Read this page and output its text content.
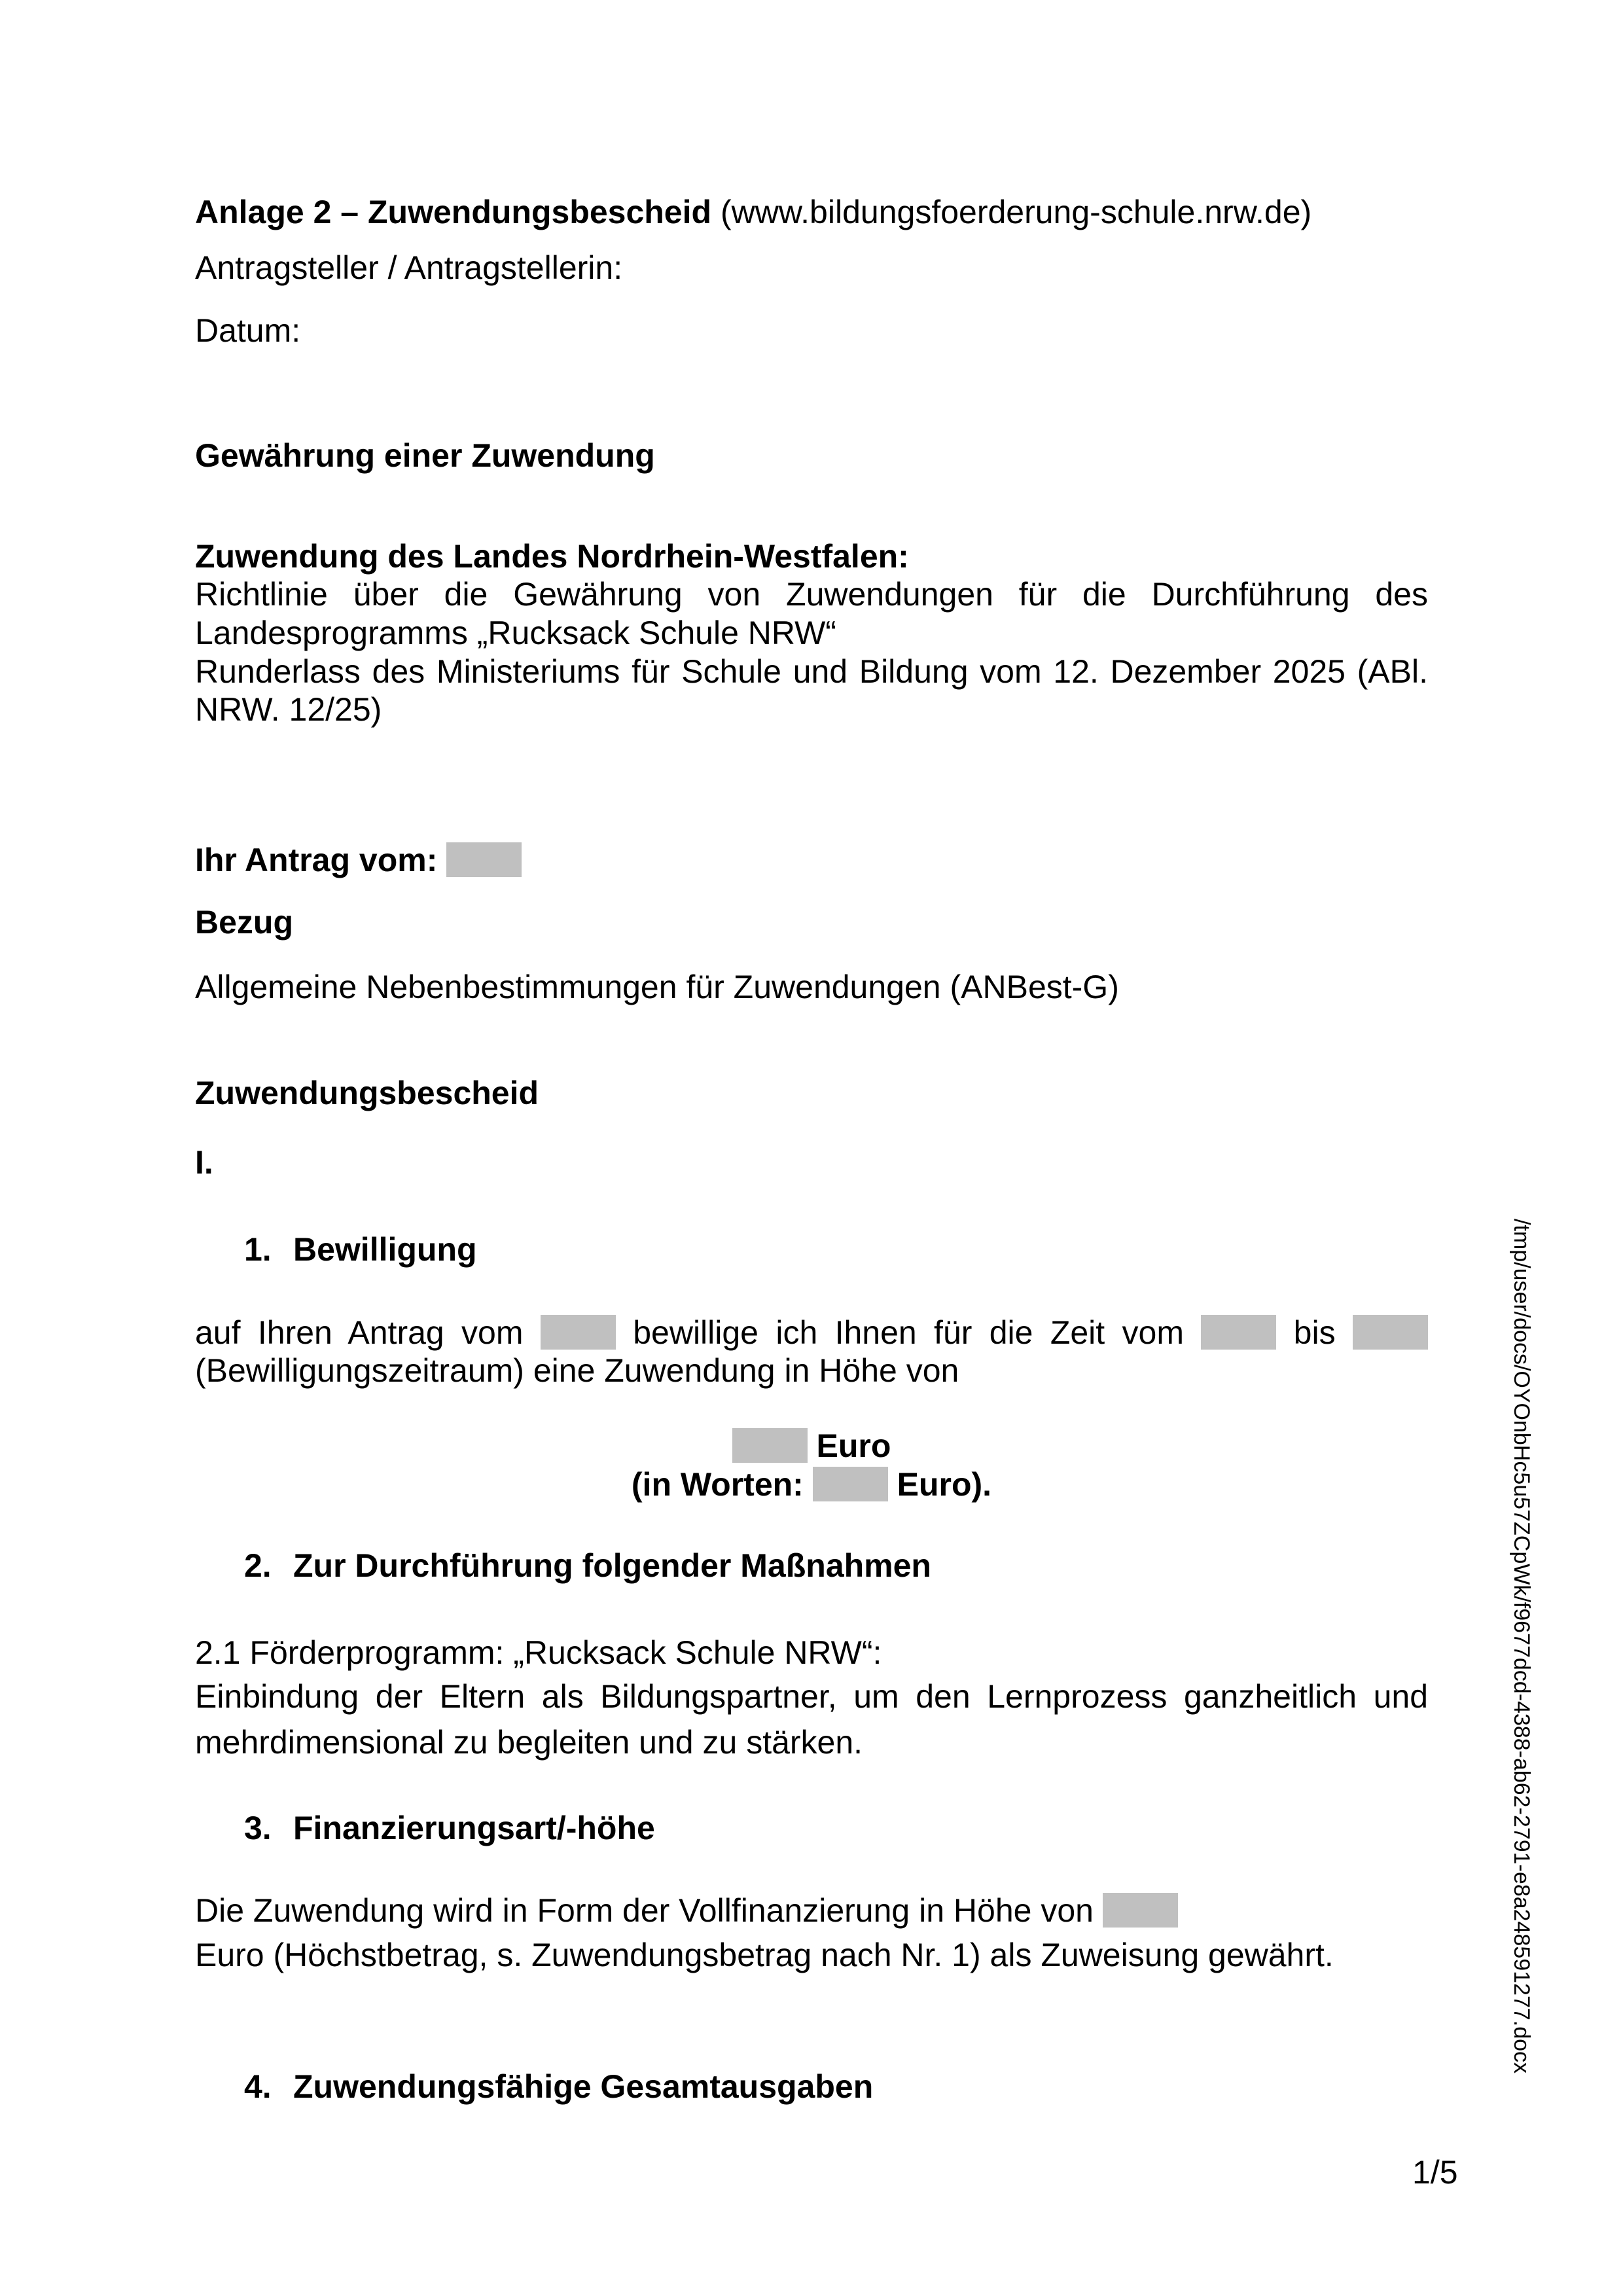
Anlage 2 – Zuwendungsbescheid (www.bildungsfoerderung-schule.nrw.de)
Antragsteller / Antragstellerin:
Datum:
Gewährung einer Zuwendung
Zuwendung des Landes Nordrhein-Westfalen:
Richtlinie über die Gewährung von Zuwendungen für die Durchführung des
Landesprogramms „Rucksack Schule NRW“
Runderlass des Ministeriums für Schule und Bildung vom 12. Dezember 2025 (ABl.
NRW. 12/25)
Ihr Antrag vom:
Bezug
Allgemeine Nebenbestimmungen für Zuwendungen (ANBest-G)
Zuwendungsbescheid
I.
1. Bewilligung
auf Ihren Antrag vom	bewillige ich Ihnen für die Zeit vom	bis
(Bewilligungszeitraum) eine Zuwendung in Höhe von
Euro
(in Worten:	Euro).
2. Zur Durchführung folgender Maßnahmen
2.1 Förderprogramm: „Rucksack Schule NRW“:
Einbindung der Eltern als Bildungspartner, um den Lernprozess ganzheitlich und
mehrdimensional zu begleiten und zu stärken.
3. Finanzierungsart/-höhe
Die Zuwendung wird in Form der Vollfinanzierung in Höhe von
Euro (Höchstbetrag, s. Zuwendungsbetrag nach Nr. 1) als Zuweisung gewährt.
4. Zuwendungsfähige Gesamtausgaben
1/5
/tmp/user/docs/OYOnbHc5u57ZCpWk/f9677dcd-4388-ab62-2791-e8a248591277.docx
